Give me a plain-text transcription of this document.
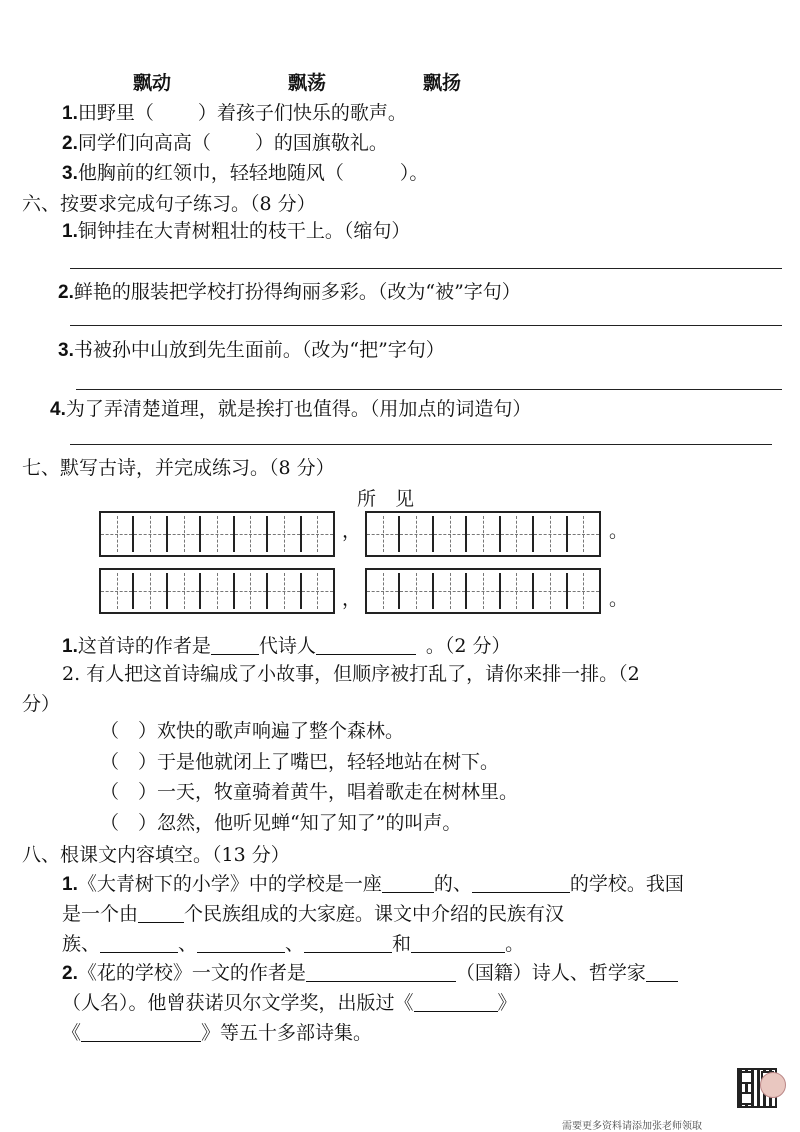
飘动	飘荡	飘扬
1.田野里（ ）着孩子们快乐的歌声。
2.同学们向高高（ ）的国旗敬礼。
3.他胸前的红领巾，轻轻地随风（	）。
六、按要求完成句子练习。（8 分）
1.铜钟挂在大青树粗壮的枝干上。（缩句）
2.鲜艳的服装把学校打扮得绚丽多彩。（改为“被”字句）
3.书被孙中山放到先生面前。（改为“把”字句）
4.为了弄清楚道理，就是挨打也值得。（用加点的词造句）
七、默写古诗，并完成练习。（8 分）
所　见
，	。
，	。
1.这首诗的作者是	代诗人	。（2 分）
2. 有人把这首诗编成了小故事，但顺序被打乱了，请你来排一排。（2
分）
（　）欢快的歌声响遍了整个森林。
（　）于是他就闭上了嘴巴，轻轻地站在树下。
（　）一天，牧童骑着黄牛，唱着歌走在树林里。
（　）忽然，他听见蝉“知了知了”的叫声。
八、根课文内容填空。（13 分）
1.《大青树下的小学》中的学校是一座	的、	的学校。我国
是一个由 个民族组成的大家庭。课文中介绍的民族有汉
族、	、	、	和	。
2.《花的学校》一文的作者是	（国籍）诗人、哲学家
（人名）。他曾获诺贝尔文学奖，出版过《	》
《	》等五十多部诗集。
需要更多资料请添加张老师领取
